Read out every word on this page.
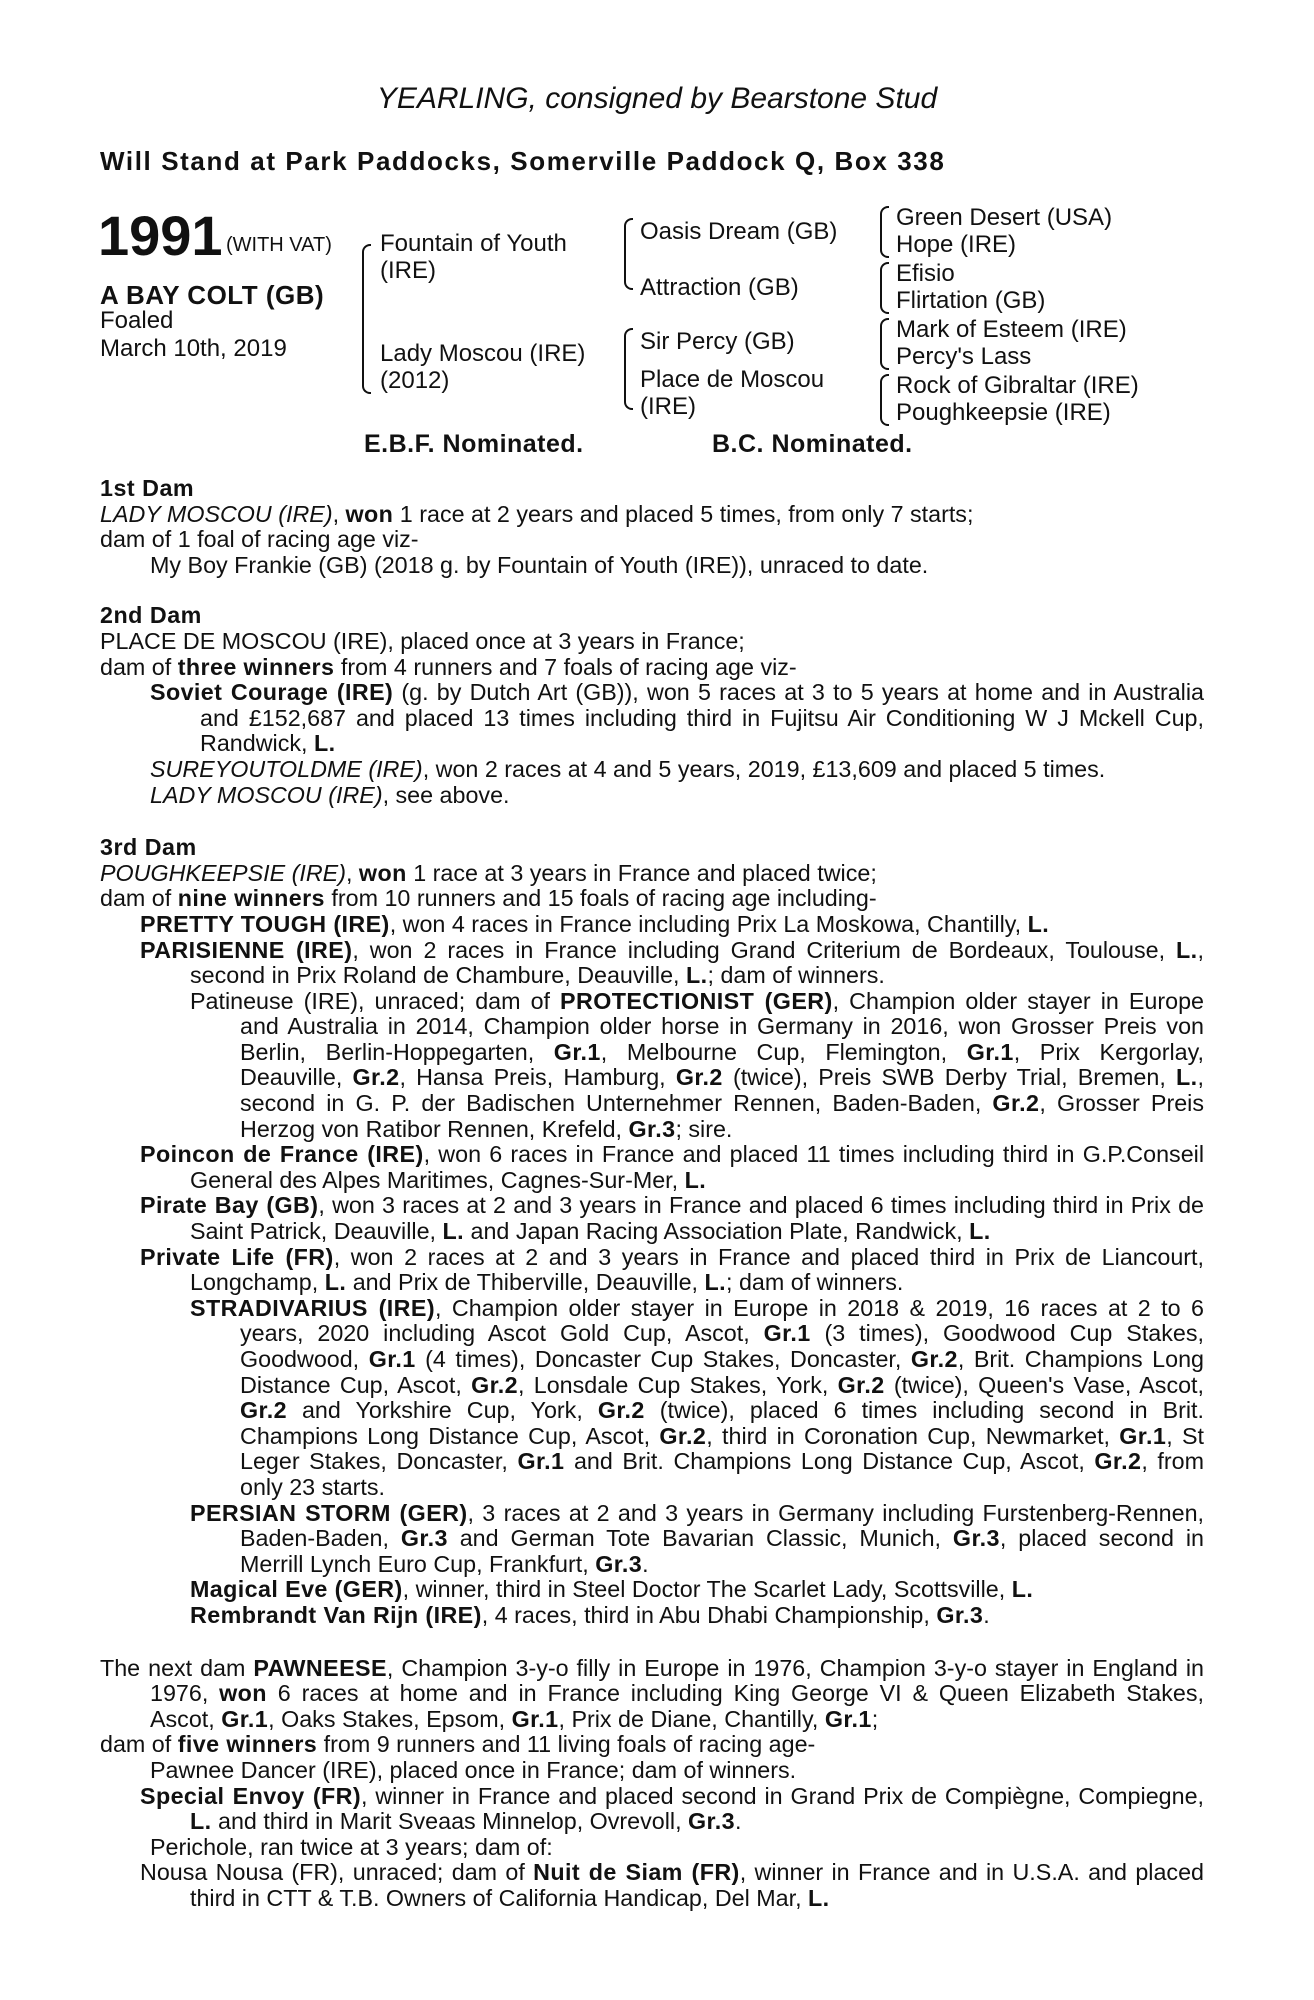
YEARLING, consigned by Bearstone Stud
Will Stand at Park Paddocks, Somerville Paddock Q, Box 338
1991 (WITH VAT)
A BAY COLT (GB)
Foaled
March 10th, 2019
Fountain of Youth
(IRE)
Lady Moscou (IRE)
(2012)
Oasis Dream (GB)
Attraction (GB)
Sir Percy (GB)
Place de Moscou
(IRE)
Green Desert (USA)
Hope (IRE)
Efisio
Flirtation (GB)
Mark of Esteem (IRE)
Percy's Lass
Rock of Gibraltar (IRE)
Poughkeepsie (IRE)
E.B.F. Nominated.	B.C. Nominated.

1st Dam

LADY MOSCOU (IRE), won 1 race at 2 years and placed 5 times, from only 7 starts;

dam of 1 foal of racing age viz-

My Boy Frankie (GB) (2018 g. by Fountain of Youth (IRE)), unraced to date.

2nd Dam

PLACE DE MOSCOU (IRE), placed once at 3 years in France;

dam of three winners from 4 runners and 7 foals of racing age viz-

Soviet Courage (IRE) (g. by Dutch Art (GB)), won 5 races at 3 to 5 years at home and in Australia and £152,687 and placed 13 times including third in Fujitsu Air Conditioning W J Mckell Cup, Randwick, L.

SUREYOUTOLDME (IRE), won 2 races at 4 and 5 years, 2019, £13,609 and placed 5 times.

LADY MOSCOU (IRE), see above.

3rd Dam

POUGHKEEPSIE (IRE), won 1 race at 3 years in France and placed twice;

dam of nine winners from 10 runners and 15 foals of racing age including-

PRETTY TOUGH (IRE), won 4 races in France including Prix La Moskowa, Chantilly, L.

PARISIENNE (IRE), won 2 races in France including Grand Criterium de Bordeaux, Toulouse, L., second in Prix Roland de Chambure, Deauville, L.; dam of winners.

Patineuse (IRE), unraced; dam of PROTECTIONIST (GER), Champion older stayer in Europe and Australia in 2014, Champion older horse in Germany in 2016, won Grosser Preis von Berlin, Berlin-Hoppegarten, Gr.1, Melbourne Cup, Flemington, Gr.1, Prix Kergorlay, Deauville, Gr.2, Hansa Preis, Hamburg, Gr.2 (twice), Preis SWB Derby Trial, Bremen, L., second in G. P. der Badischen Unternehmer Rennen, Baden-Baden, Gr.2, Grosser Preis Herzog von Ratibor Rennen, Krefeld, Gr.3; sire.

Poincon de France (IRE), won 6 races in France and placed 11 times including third in G.P.Conseil General des Alpes Maritimes, Cagnes-Sur-Mer, L.

Pirate Bay (GB), won 3 races at 2 and 3 years in France and placed 6 times including third in Prix de Saint Patrick, Deauville, L. and Japan Racing Association Plate, Randwick, L.

Private Life (FR), won 2 races at 2 and 3 years in France and placed third in Prix de Liancourt, Longchamp, L. and Prix de Thiberville, Deauville, L.; dam of winners.

STRADIVARIUS (IRE), Champion older stayer in Europe in 2018 & 2019, 16 races at 2 to 6 years, 2020 including Ascot Gold Cup, Ascot, Gr.1 (3 times), Goodwood Cup Stakes, Goodwood, Gr.1 (4 times), Doncaster Cup Stakes, Doncaster, Gr.2, Brit. Champions Long Distance Cup, Ascot, Gr.2, Lonsdale Cup Stakes, York, Gr.2 (twice), Queen's Vase, Ascot, Gr.2 and Yorkshire Cup, York, Gr.2 (twice), placed 6 times including second in Brit. Champions Long Distance Cup, Ascot, Gr.2, third in Coronation Cup, Newmarket, Gr.1, St Leger Stakes, Doncaster, Gr.1 and Brit. Champions Long Distance Cup, Ascot, Gr.2, from only 23 starts.

PERSIAN STORM (GER), 3 races at 2 and 3 years in Germany including Furstenberg-Rennen, Baden-Baden, Gr.3 and German Tote Bavarian Classic, Munich, Gr.3, placed second in Merrill Lynch Euro Cup, Frankfurt, Gr.3.

Magical Eve (GER), winner, third in Steel Doctor The Scarlet Lady, Scottsville, L.

Rembrandt Van Rijn (IRE), 4 races, third in Abu Dhabi Championship, Gr.3.

The next dam PAWNEESE, Champion 3-y-o filly in Europe in 1976, Champion 3-y-o stayer in England in 1976, won 6 races at home and in France including King George VI & Queen Elizabeth Stakes, Ascot, Gr.1, Oaks Stakes, Epsom, Gr.1, Prix de Diane, Chantilly, Gr.1;

dam of five winners from 9 runners and 11 living foals of racing age-

Pawnee Dancer (IRE), placed once in France; dam of winners.

Special Envoy (FR), winner in France and placed second in Grand Prix de Compiègne, Compiegne, L. and third in Marit Sveaas Minnelop, Ovrevoll, Gr.3.

Perichole, ran twice at 3 years; dam of:

Nousa Nousa (FR), unraced; dam of Nuit de Siam (FR), winner in France and in U.S.A. and placed third in CTT & T.B. Owners of California Handicap, Del Mar, L.
